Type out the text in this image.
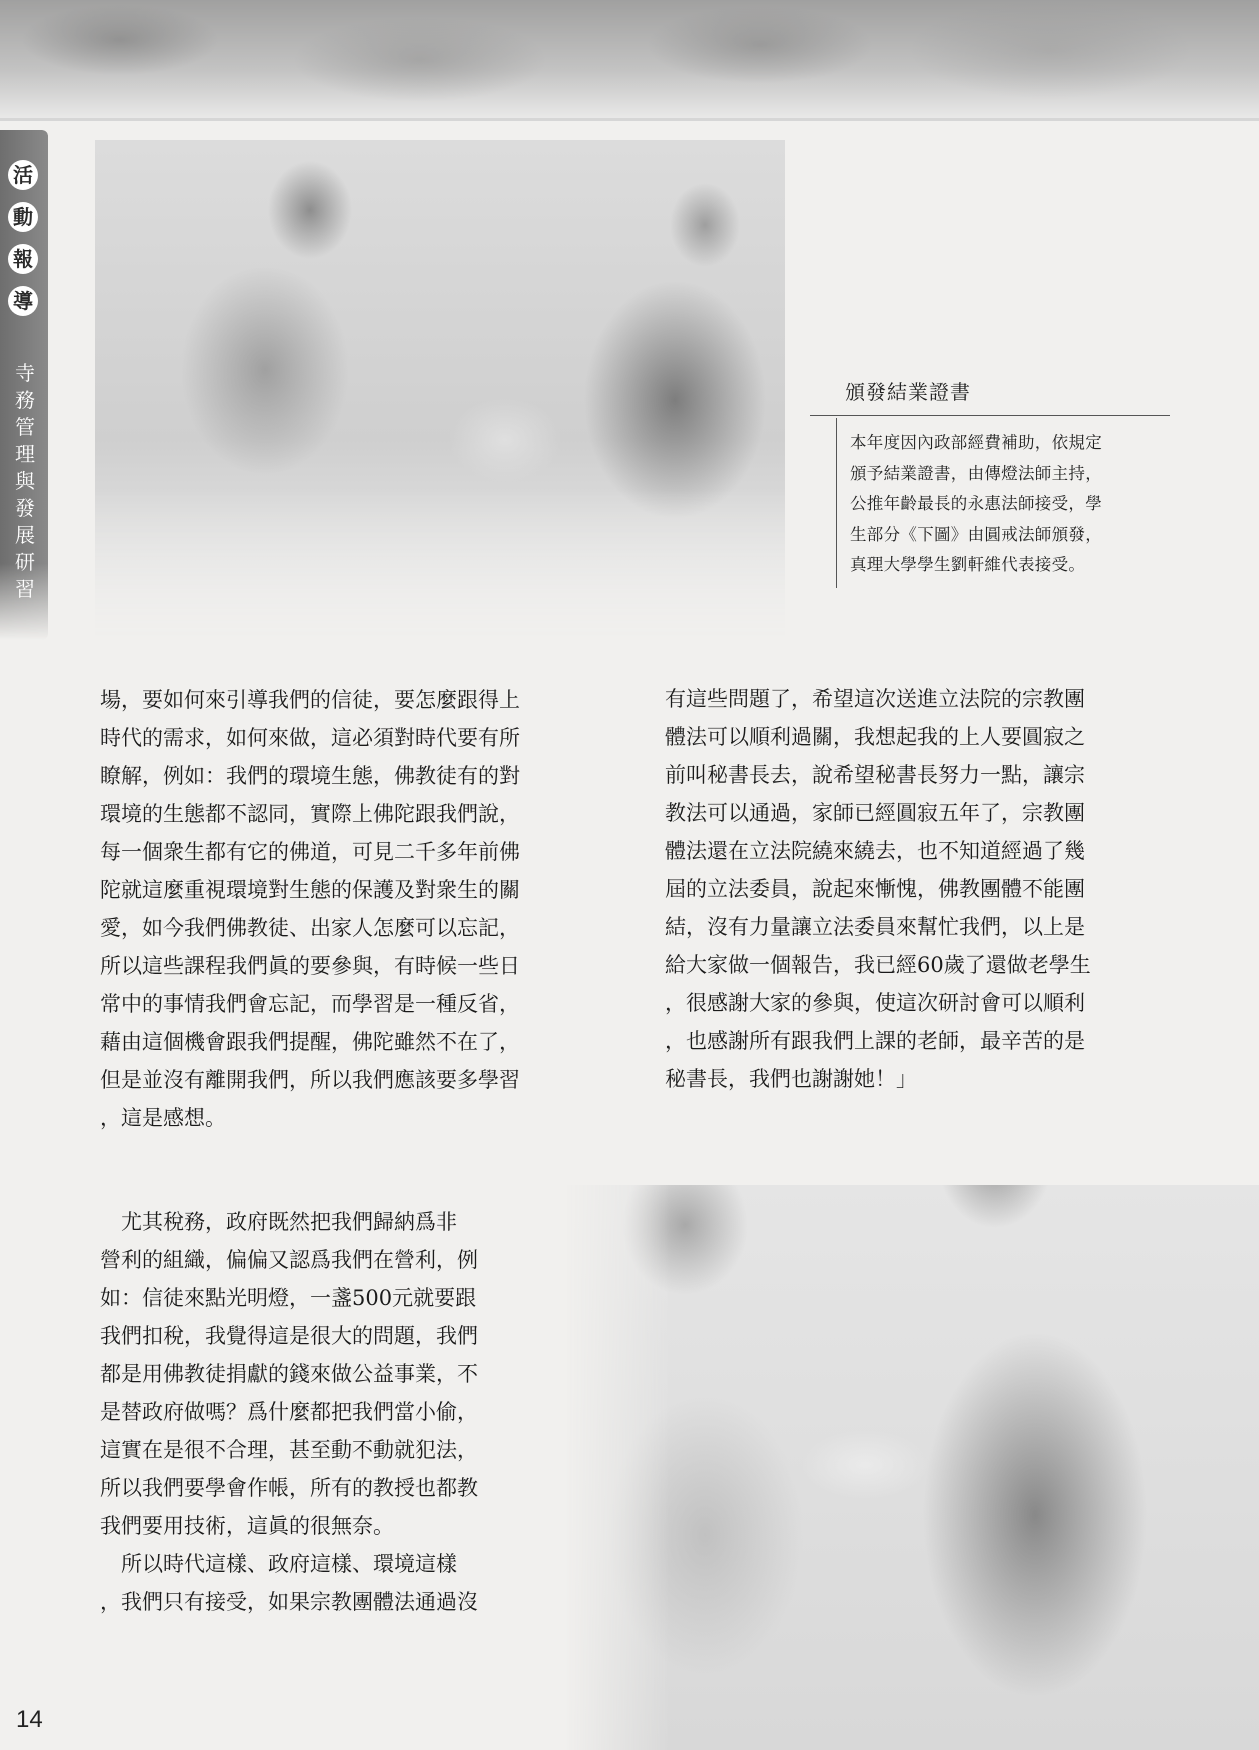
活
動
報
導
寺
務
管
理
與
發
展
研
習
頒發結業證書
本年度因內政部經費補助，依規定
頒予結業證書，由傳燈法師主持，
公推年齡最長的永惠法師接受，學
生部分《下圖》由圓戒法師頒發，
真理大學學生劉軒維代表接受。
場，要如何來引導我們的信徒，要怎麼跟得上
時代的需求，如何來做，這必須對時代要有所
瞭解，例如：我們的環境生態，佛教徒有的對
環境的生態都不認同，實際上佛陀跟我們說，
每一個衆生都有它的佛道，可見二千多年前佛
陀就這麼重視環境對生態的保護及對衆生的關
愛，如今我們佛教徒、出家人怎麼可以忘記，
所以這些課程我們眞的要參與，有時候一些日
常中的事情我們會忘記，而學習是一種反省，
藉由這個機會跟我們提醒，佛陀雖然不在了，
但是並沒有離開我們，所以我們應該要多學習
，這是感想。
　尤其稅務，政府既然把我們歸納爲非
營利的組織，偏偏又認爲我們在營利，例
如：信徒來點光明燈，一盞500元就要跟
我們扣稅，我覺得這是很大的問題，我們
都是用佛教徒捐獻的錢來做公益事業，不
是替政府做嗎？爲什麼都把我們當小偷，
這實在是很不合理，甚至動不動就犯法，
所以我們要學會作帳，所有的教授也都教
我們要用技術，這眞的很無奈。
　所以時代這樣、政府這樣、環境這樣
，我們只有接受，如果宗教團體法通過沒
有這些問題了，希望這次送進立法院的宗教團
體法可以順利過關，我想起我的上人要圓寂之
前叫秘書長去，說希望秘書長努力一點，讓宗
教法可以通過，家師已經圓寂五年了，宗教團
體法還在立法院繞來繞去，也不知道經過了幾
屆的立法委員，說起來慚愧，佛教團體不能團
結，沒有力量讓立法委員來幫忙我們，以上是
給大家做一個報告，我已經60歲了還做老學生
，很感謝大家的參與，使這次研討會可以順利
，也感謝所有跟我們上課的老師，最辛苦的是
秘書長，我們也謝謝她！」
14
